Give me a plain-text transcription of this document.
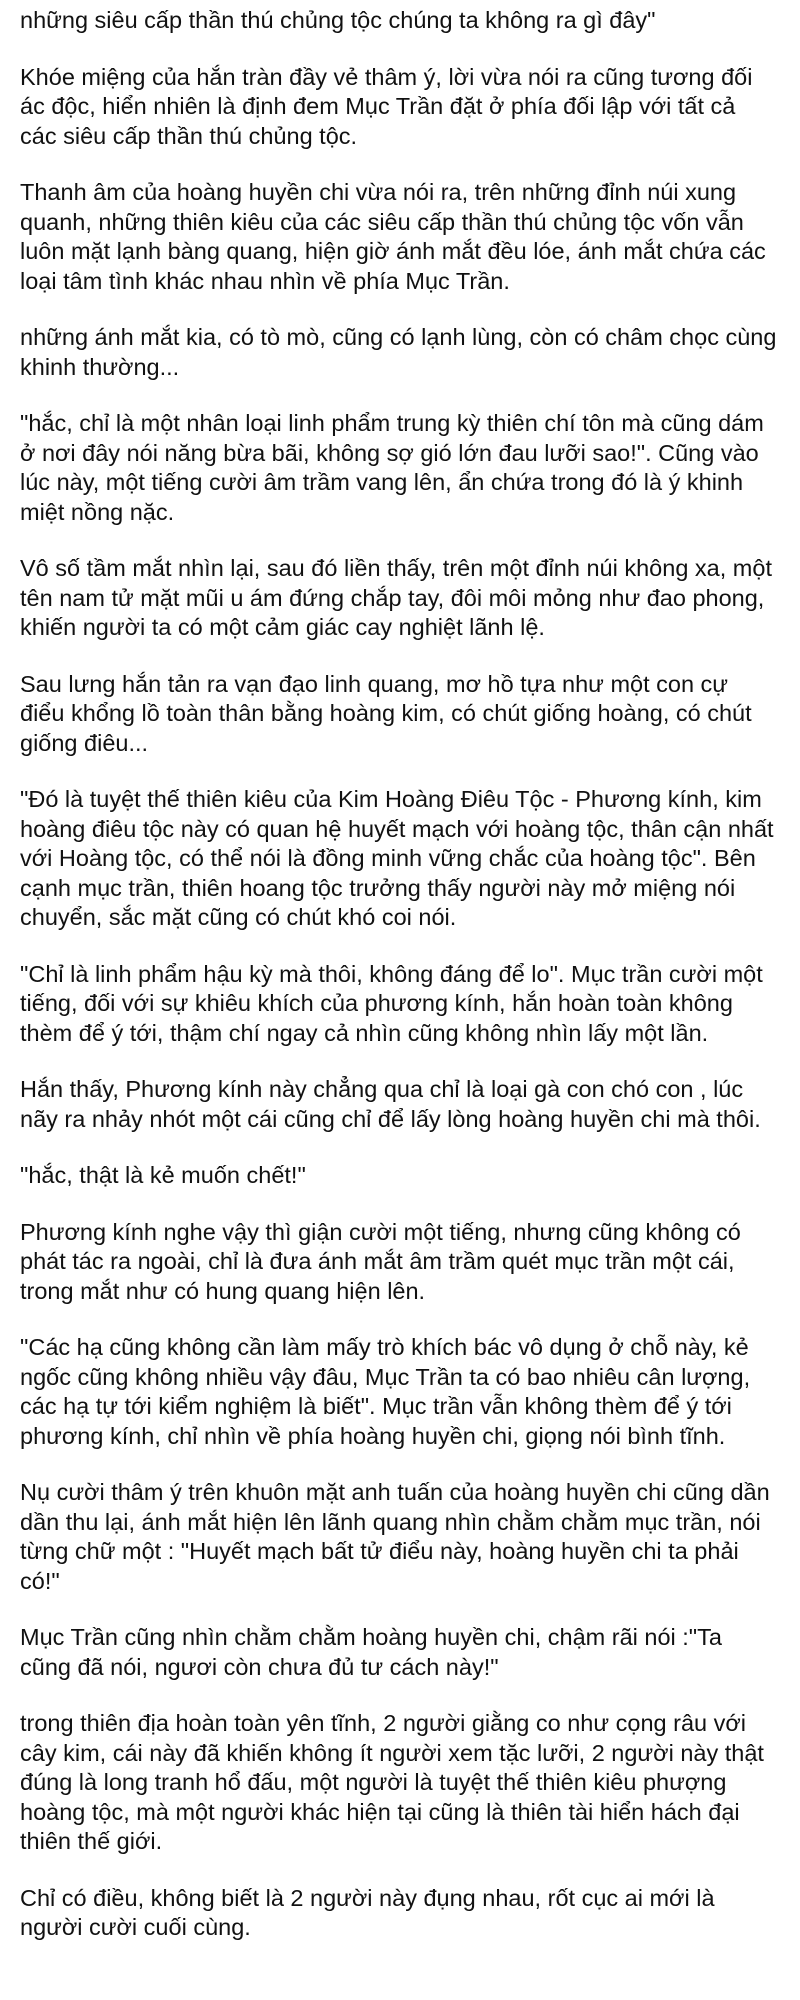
những siêu cấp thần thú chủng tộc chúng ta không ra gì đây"

Khóe miệng của hắn tràn đầy vẻ thâm ý, lời vừa nói ra cũng tương đối ác độc, hiển nhiên là định đem Mục Trần đặt ở phía đối lập với tất cả các siêu cấp thần thú chủng tộc.

Thanh âm của hoàng huyền chi vừa nói ra, trên những đỉnh núi xung quanh, những thiên kiêu của các siêu cấp thần thú chủng tộc vốn vẫn luôn mặt lạnh bàng quang, hiện giờ ánh mắt đều lóe, ánh mắt chứa các loại tâm tình khác nhau nhìn về phía Mục Trần.

những ánh mắt kia, có tò mò, cũng có lạnh lùng, còn có châm chọc cùng khinh thường...

"hắc, chỉ là một nhân loại linh phẩm trung kỳ thiên chí tôn mà cũng dám ở nơi đây nói năng bừa bãi, không sợ gió lớn đau lưỡi sao!". Cũng vào lúc này, một tiếng cười âm trầm vang lên, ẩn chứa trong đó là ý khinh miệt nồng nặc.

Vô số tầm mắt nhìn lại, sau đó liền thấy, trên một đỉnh núi không xa, một tên nam tử mặt mũi u ám đứng chắp tay, đôi môi mỏng như đao phong, khiến người ta có một cảm giác cay nghiệt lãnh lệ.

Sau lưng hắn tản ra vạn đạo linh quang, mơ hồ tựa như một con cự điểu khổng lồ toàn thân bằng hoàng kim, có chút giống hoàng, có chút giống điêu...

"Đó là tuyệt thế thiên kiêu của Kim Hoàng Điêu Tộc - Phương kính, kim hoàng điêu tộc này có quan hệ huyết mạch với hoàng tộc, thân cận nhất với Hoàng tộc, có thể nói là đồng minh vững chắc của hoàng tộc". Bên cạnh mục trần, thiên hoang tộc trưởng thấy người này mở miệng nói chuyển, sắc mặt cũng có chút khó coi nói.

"Chỉ là linh phẩm hậu kỳ mà thôi, không đáng để lo". Mục trần cười một tiếng, đối với sự khiêu khích của phương kính, hắn hoàn toàn không thèm để ý tới, thậm chí ngay cả nhìn cũng không nhìn lấy một lần.

Hắn thấy, Phương kính này chẳng qua chỉ là loại gà con chó con , lúc nãy ra nhảy nhót một cái cũng chỉ để lấy lòng hoàng huyền chi mà thôi.

"hắc, thật là kẻ muốn chết!"

Phương kính nghe vậy thì giận cười một tiếng, nhưng cũng không có phát tác ra ngoài, chỉ là đưa ánh mắt âm trầm quét mục trần một cái, trong mắt như có hung quang hiện lên.

"Các hạ cũng không cần làm mấy trò khích bác vô dụng ở chỗ này, kẻ ngốc cũng không nhiều vậy đâu, Mục Trần ta có bao nhiêu cân lượng, các hạ tự tới kiểm nghiệm là biết". Mục trần vẫn không thèm để ý tới phương kính, chỉ nhìn về phía hoàng huyền chi, giọng nói bình tĩnh.

Nụ cười thâm ý trên khuôn mặt anh tuấn của hoàng huyền chi cũng dần dần thu lại, ánh mắt hiện lên lãnh quang nhìn chằm chằm mục trần, nói từng chữ một : "Huyết mạch bất tử điểu này, hoàng huyền chi ta phải có!"

Mục Trần cũng nhìn chằm chằm hoàng huyền chi, chậm rãi nói :"Ta cũng đã nói, ngươi còn chưa đủ tư cách này!"

trong thiên địa hoàn toàn yên tĩnh, 2 người giằng co như cọng râu với cây kim, cái này đã khiến không ít người xem tặc lưỡi, 2 người này thật đúng là long tranh hổ đấu, một người là tuyệt thế thiên kiêu phượng hoàng tộc, mà một người khác hiện tại cũng là thiên tài hiển hách đại thiên thế giới.

Chỉ có điều, không biết là 2 người này đụng nhau, rốt cục ai mới là người cười cuối cùng.
